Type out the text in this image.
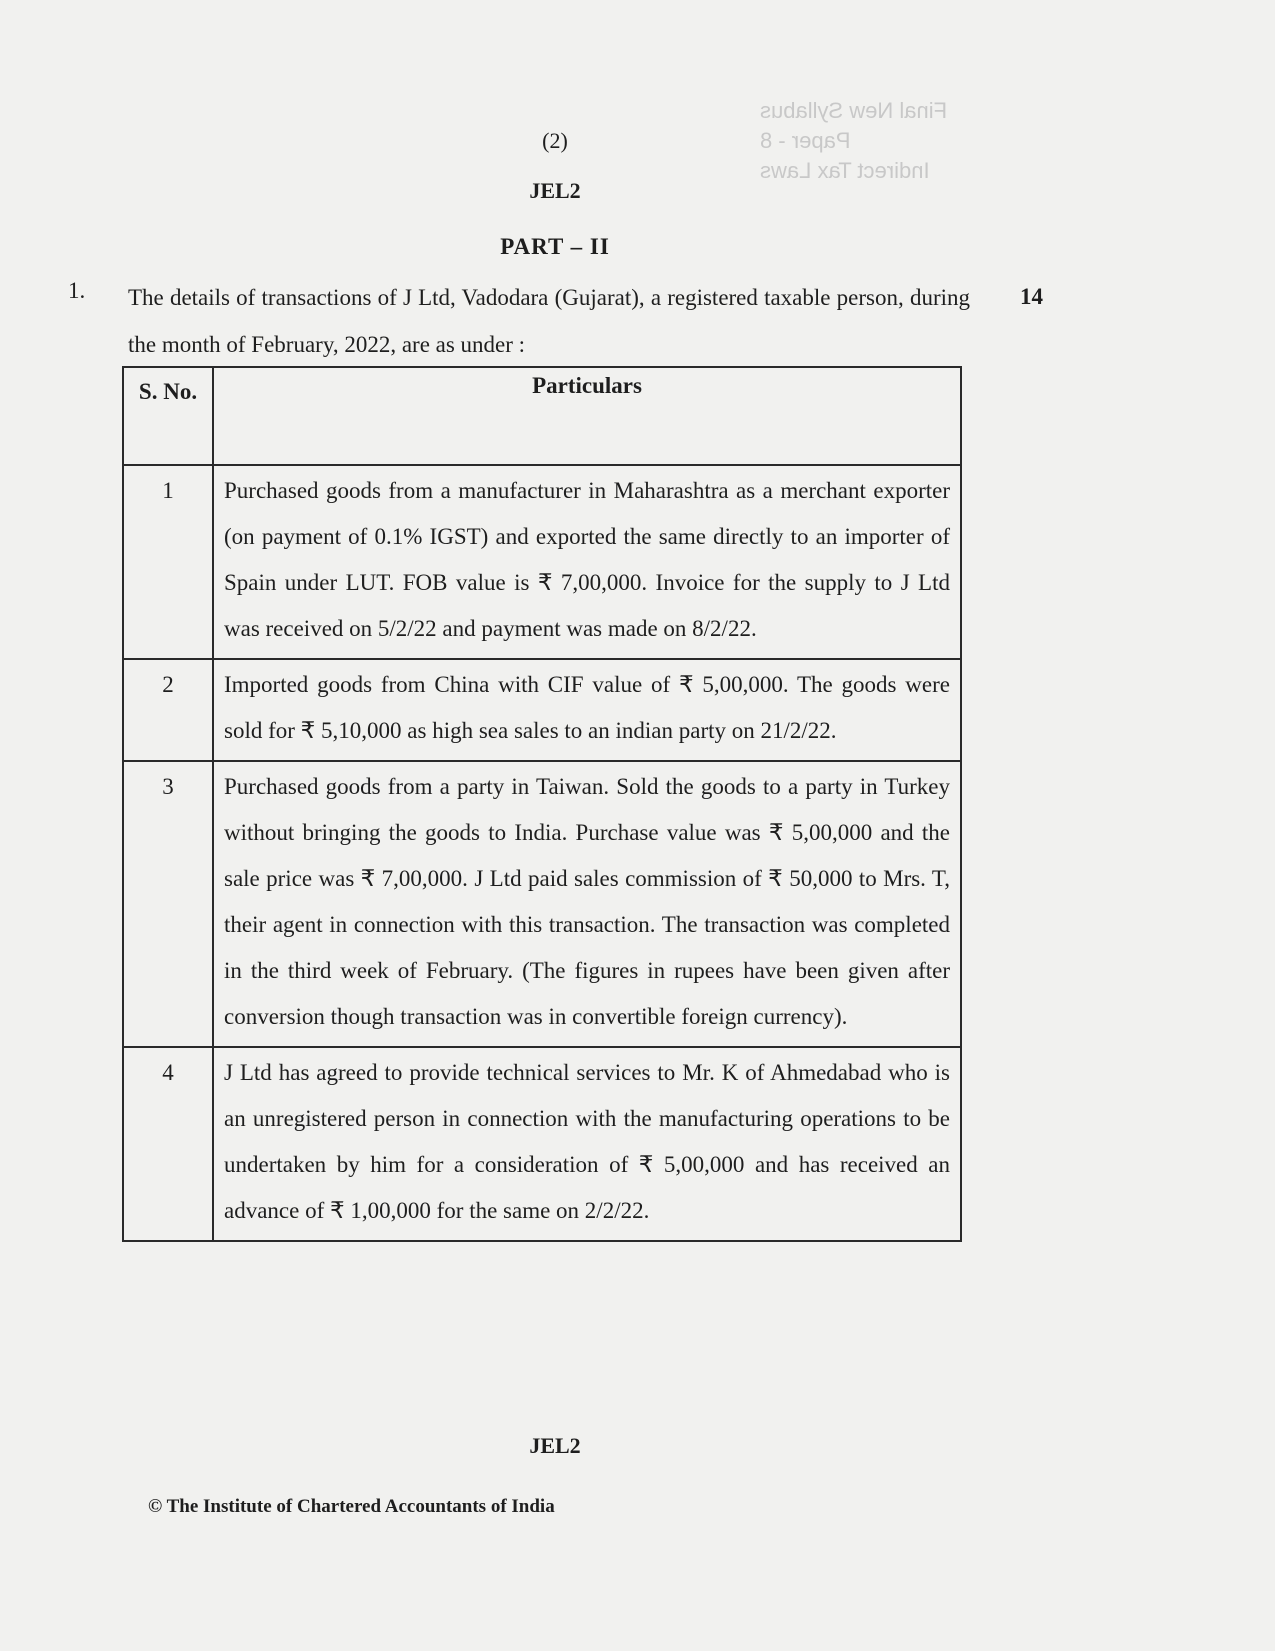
Final New Syllabus
Paper - 8
Indirect Tax Laws
(2)
JEL2
PART – II
1. The details of transactions of J Ltd, Vadodara (Gujarat), a registered taxable person, during the month of February, 2022, are as under :
14
S. No.	Particulars
1	Purchased goods from a manufacturer in Maharashtra as a merchant exporter (on payment of 0.1% IGST) and exported the same directly to an importer of Spain under LUT. FOB value is ₹ 7,00,000. Invoice for the supply to J Ltd was received on 5/2/22 and payment was made on 8/2/22.
2	Imported goods from China with CIF value of ₹ 5,00,000. The goods were sold for ₹ 5,10,000 as high sea sales to an indian party on 21/2/22.
3	Purchased goods from a party in Taiwan. Sold the goods to a party in Turkey without bringing the goods to India. Purchase value was ₹ 5,00,000 and the sale price was ₹ 7,00,000. J Ltd paid sales commission of ₹ 50,000 to Mrs. T, their agent in connection with this transaction. The transaction was completed in the third week of February. (The figures in rupees have been given after conversion though transaction was in convertible foreign currency).
4	J Ltd has agreed to provide technical services to Mr. K of Ahmedabad who is an unregistered person in connection with the manufacturing operations to be undertaken by him for a consideration of ₹ 5,00,000 and has received an advance of ₹ 1,00,000 for the same on 2/2/22.
JEL2
© The Institute of Chartered Accountants of India
